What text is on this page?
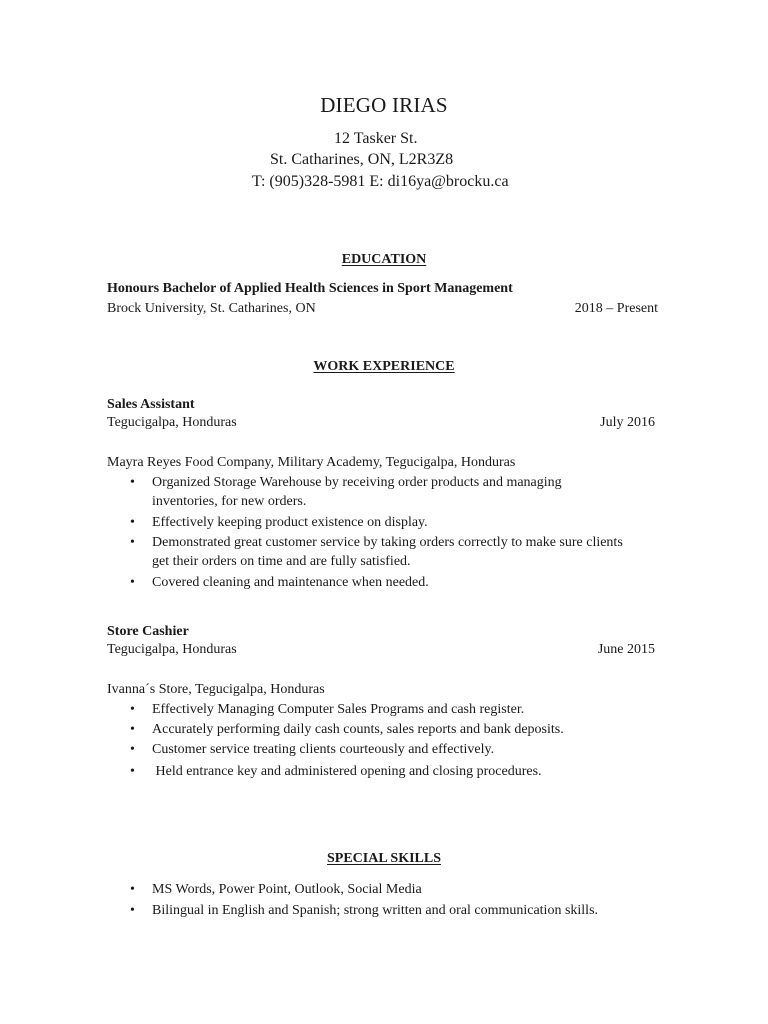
DIEGO IRIAS
12 Tasker St.
St. Catharines, ON, L2R3Z8
T: (905)328-5981 E: di16ya@brocku.ca
EDUCATION
Honours Bachelor of Applied Health Sciences in Sport Management
Brock University, St. Catharines, ON	2018 – Present
WORK EXPERIENCE
Sales Assistant
Tegucigalpa, Honduras	July 2016
Mayra Reyes Food Company, Military Academy, Tegucigalpa, Honduras
• Organized Storage Warehouse by receiving order products and managing
inventories, for new orders.
• Effectively keeping product existence on display.
• Demonstrated great customer service by taking orders correctly to make sure clients
get their orders on time and are fully satisfied.
• Covered cleaning and maintenance when needed.
Store Cashier
Tegucigalpa, Honduras	June 2015
Ivanna´s Store, Tegucigalpa, Honduras
• Effectively Managing Computer Sales Programs and cash register.
• Accurately performing daily cash counts, sales reports and bank deposits.
• Customer service treating clients courteously and effectively.
• Held entrance key and administered opening and closing procedures.
SPECIAL SKILLS
• MS Words, Power Point, Outlook, Social Media
• Bilingual in English and Spanish; strong written and oral communication skills.
